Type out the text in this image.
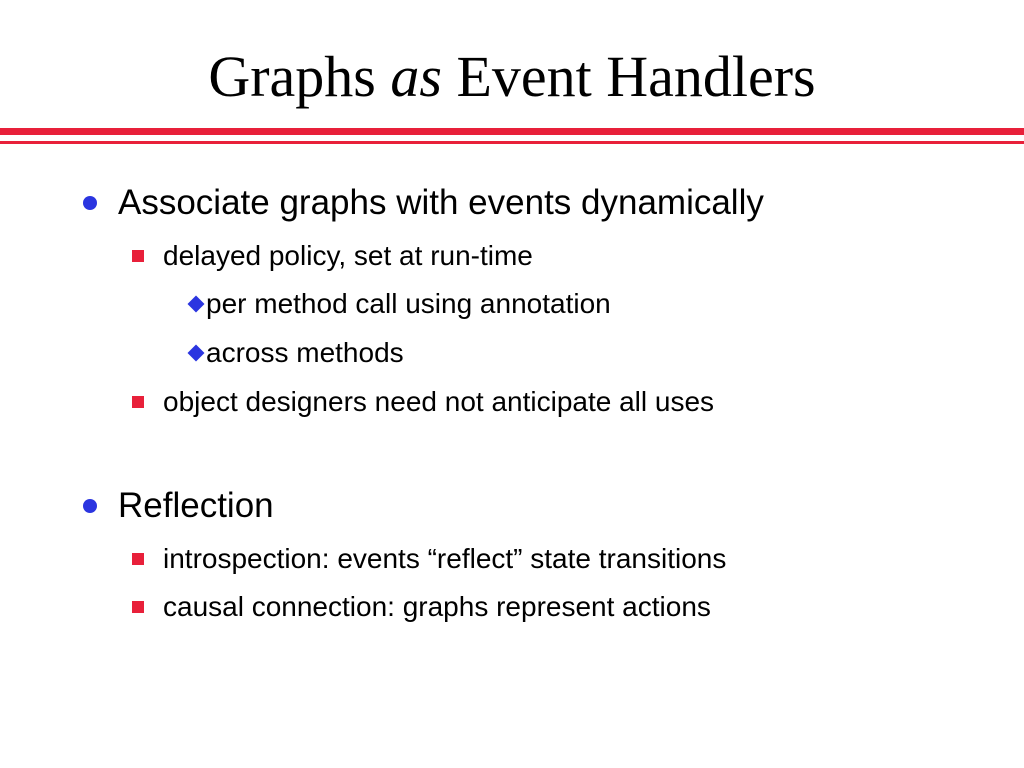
Graphs as Event Handlers
Associate graphs with events dynamically
delayed policy, set at run-time
per method call using annotation
across methods
object designers need not anticipate all uses
Reflection
introspection: events “reflect” state transitions
causal connection: graphs represent actions
